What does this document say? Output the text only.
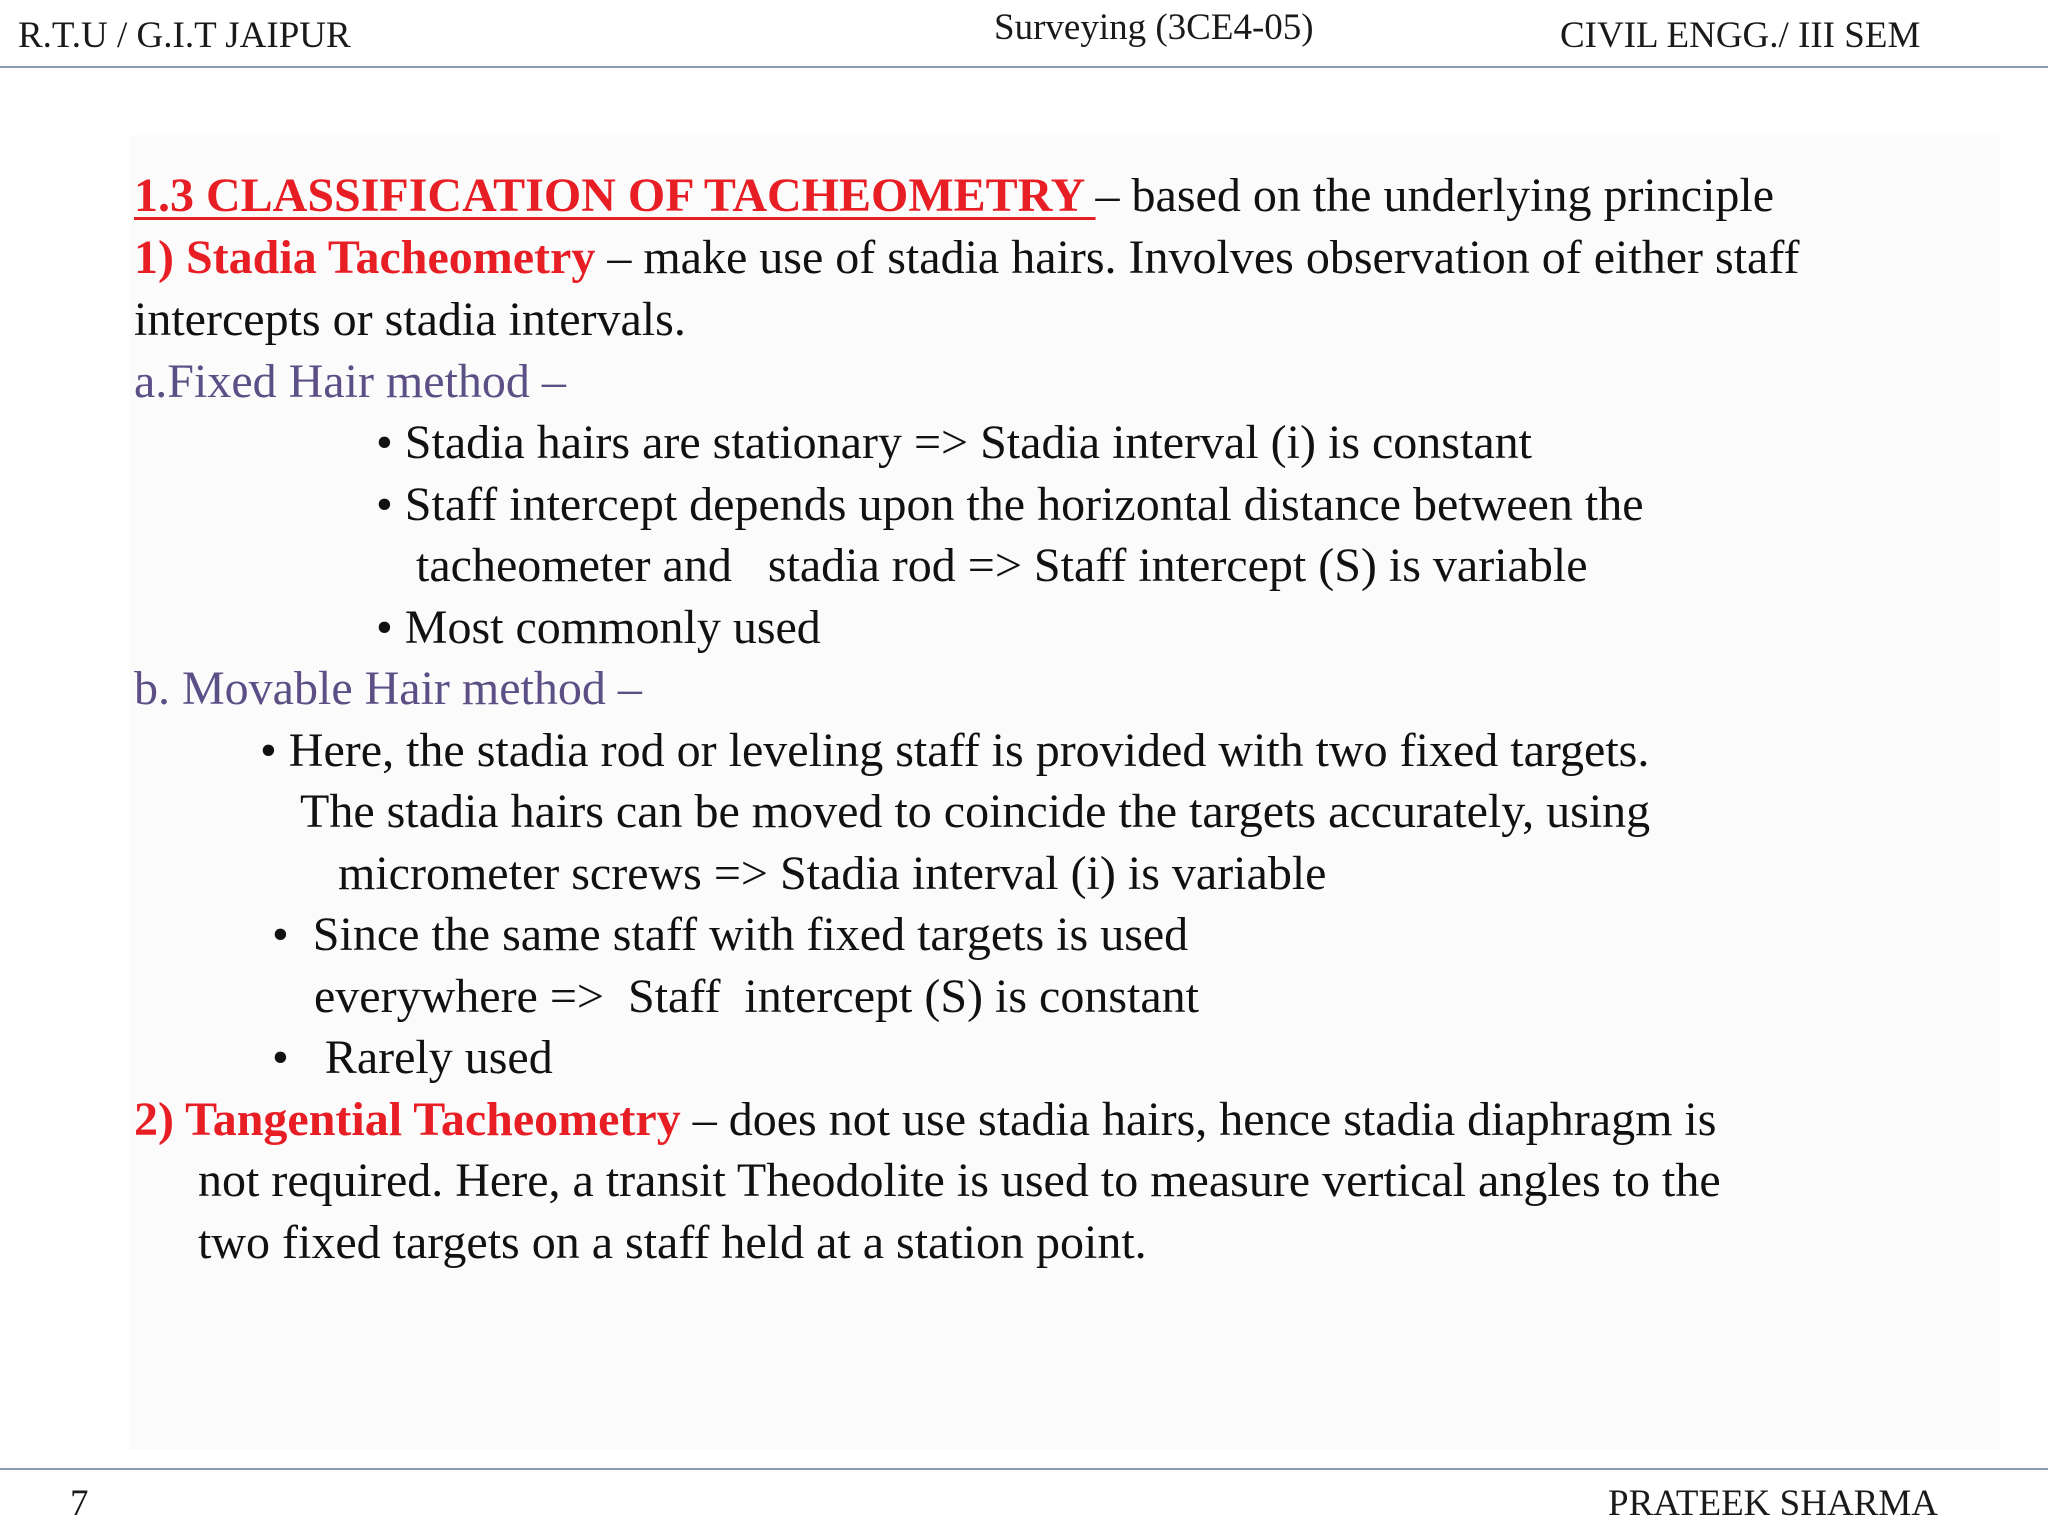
R.T.U / G.I.T JAIPUR	Surveying (3CE4-05)	CIVIL ENGG./ III SEM
1.3 CLASSIFICATION OF TACHEOMETRY – based on the underlying principle
1) Stadia Tacheometry – make use of stadia hairs. Involves observation of either staff
intercepts or stadia intervals.
a.Fixed Hair method –
• Stadia hairs are stationary => Stadia interval (i) is constant
• Staff intercept depends upon the horizontal distance between the
tacheometer and   stadia rod => Staff intercept (S) is variable
• Most commonly used
b. Movable Hair method –
• Here, the stadia rod or leveling staff is provided with two fixed targets.
The stadia hairs can be moved to coincide the targets accurately, using
micrometer screws => Stadia interval (i) is variable
•  Since the same staff with fixed targets is used
everywhere =>  Staff  intercept (S) is constant
•   Rarely used
2) Tangential Tacheometry – does not use stadia hairs, hence stadia diaphragm is
not required. Here, a transit Theodolite is used to measure vertical angles to the
two fixed targets on a staff held at a station point.
7	PRATEEK SHARMA
